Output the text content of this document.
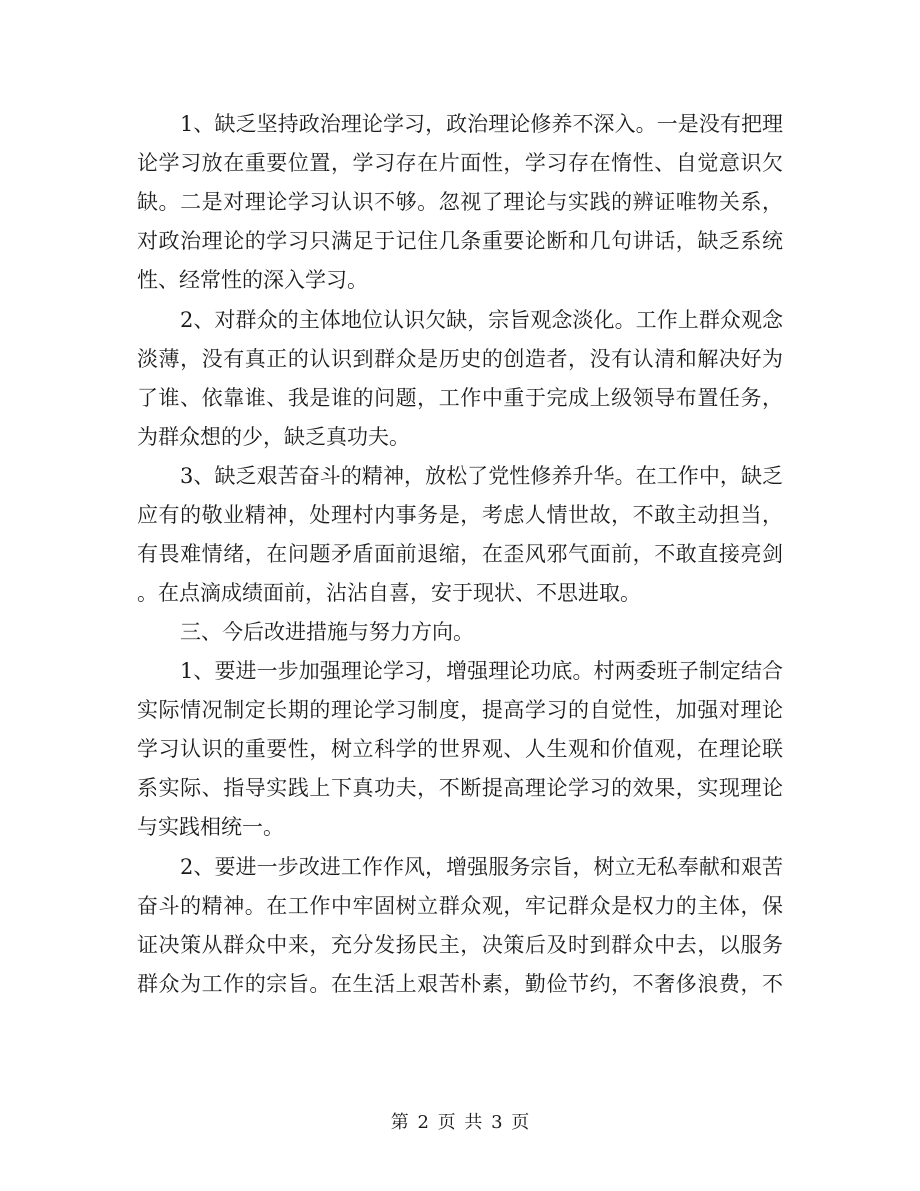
1、缺乏坚持政治理论学习，政治理论修养不深入。一是没有把理
论学习放在重要位置，学习存在片面性，学习存在惰性、自觉意识欠
缺。二是对理论学习认识不够。忽视了理论与实践的辨证唯物关系，
对政治理论的学习只满足于记住几条重要论断和几句讲话，缺乏系统
性、经常性的深入学习。
2、对群众的主体地位认识欠缺，宗旨观念淡化。工作上群众观念
淡薄，没有真正的认识到群众是历史的创造者，没有认清和解决好为
了谁、依靠谁、我是谁的问题，工作中重于完成上级领导布置任务，
为群众想的少，缺乏真功夫。
3、缺乏艰苦奋斗的精神，放松了党性修养升华。在工作中，缺乏
应有的敬业精神，处理村内事务是，考虑人情世故，不敢主动担当，
有畏难情绪，在问题矛盾面前退缩，在歪风邪气面前，不敢直接亮剑
。在点滴成绩面前，沾沾自喜，安于现状、不思进取。
三、今后改进措施与努力方向。
1、要进一步加强理论学习，增强理论功底。村两委班子制定结合
实际情况制定长期的理论学习制度，提高学习的自觉性，加强对理论
学习认识的重要性，树立科学的世界观、人生观和价值观，在理论联
系实际、指导实践上下真功夫，不断提高理论学习的效果，实现理论
与实践相统一。
2、要进一步改进工作作风，增强服务宗旨，树立无私奉献和艰苦
奋斗的精神。在工作中牢固树立群众观，牢记群众是权力的主体，保
证决策从群众中来，充分发扬民主，决策后及时到群众中去，以服务
群众为工作的宗旨。在生活上艰苦朴素，勤俭节约，不奢侈浪费，不
第 2 页 共 3 页
